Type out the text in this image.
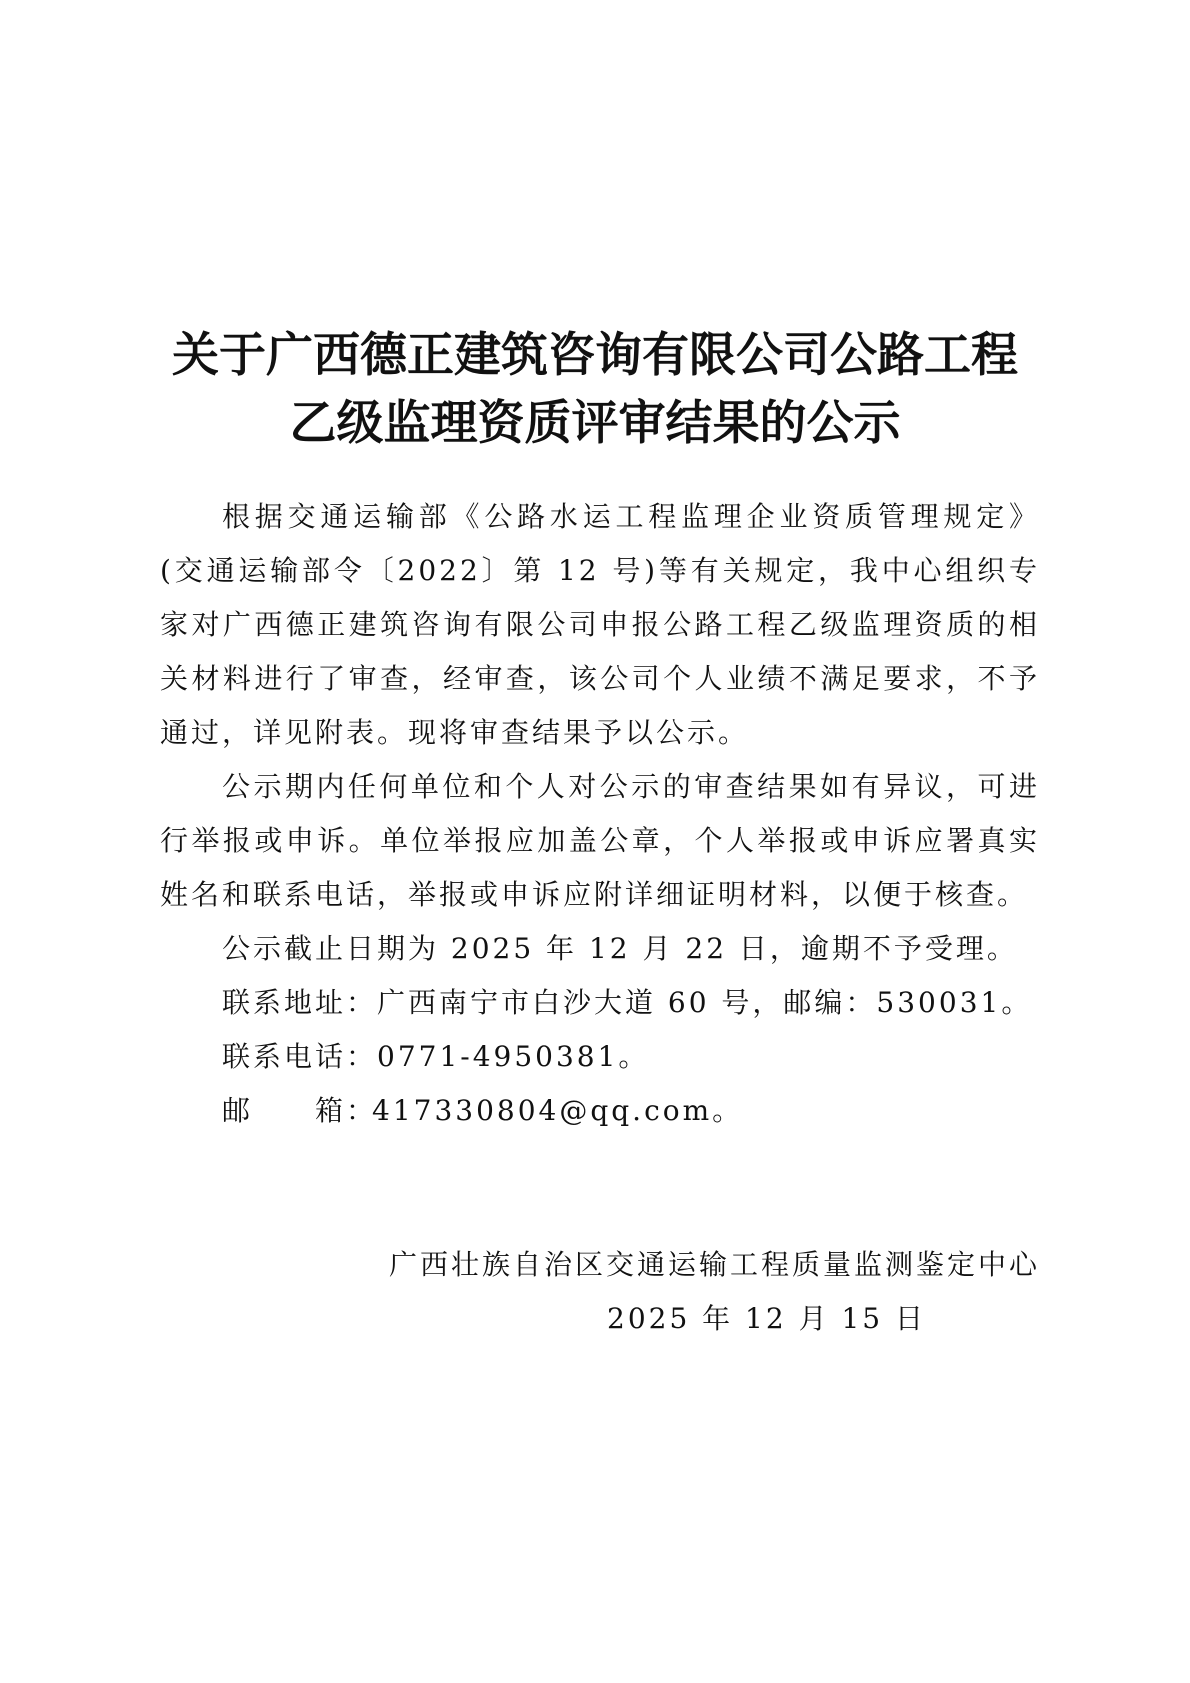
关于广西德正建筑咨询有限公司公路工程
乙级监理资质评审结果的公示

根据交通运输部《公路水运工程监理企业资质管理规定》(交通运输部令〔2022〕第 12 号)等有关规定，我中心组织专家对广西德正建筑咨询有限公司申报公路工程乙级监理资质的相关材料进行了审查，经审查，该公司个人业绩不满足要求，不予通过，详见附表。现将审查结果予以公示。

公示期内任何单位和个人对公示的审查结果如有异议，可进行举报或申诉。单位举报应加盖公章，个人举报或申诉应署真实姓名和联系电话，举报或申诉应附详细证明材料，以便于核查。

公示截止日期为 2025 年 12 月 22 日，逾期不予受理。

联系地址：广西南宁市白沙大道 60 号，邮编：530031。

联系电话：0771-4950381。

邮　　箱：417330804@qq.com。

广西壮族自治区交通运输工程质量监测鉴定中心
2025 年 12 月 15 日
